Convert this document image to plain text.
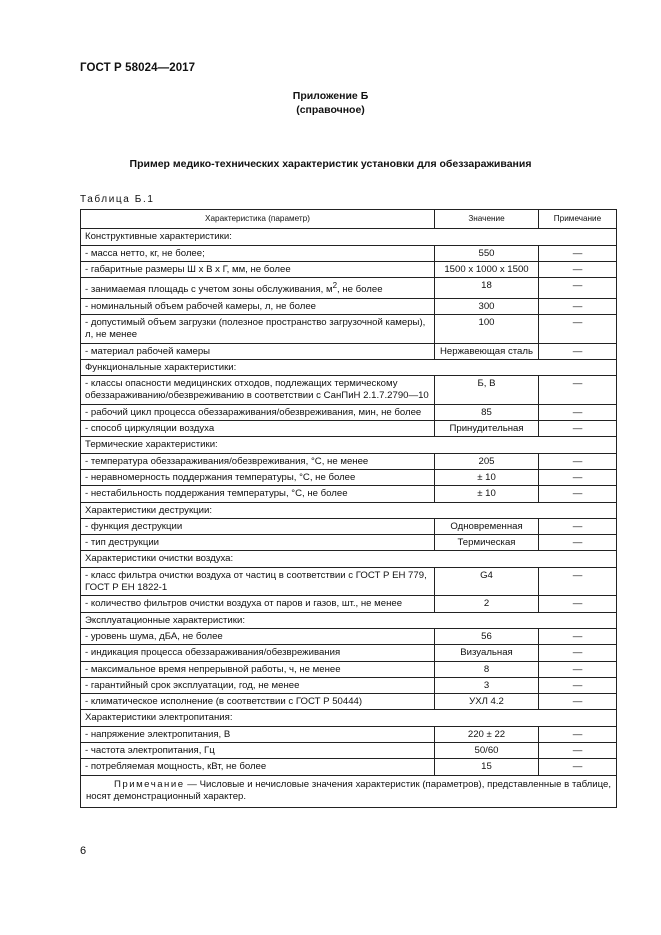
ГОСТ Р 58024—2017
Приложение Б
(справочное)
Пример медико-технических характеристик установки для обеззараживания
Таблица Б.1
Характеристика (параметр)	Значение	Примечание
Конструктивные характеристики:		
- масса нетто, кг, не более;	550	—
- габаритные размеры Ш х В х Г, мм, не более	1500 х 1000 х 1500	—
- занимаемая площадь с учетом зоны обслуживания, $м^2$, не более	18	—
- номинальный объем рабочей камеры, л, не более	300	—
- допустимый объем загрузки (полезное пространство загрузочной камеры), л, не менее	100	—
- материал рабочей камеры	Нержавеющая сталь	—
Функциональные характеристики:		
- классы опасности медицинских отходов, подлежащих термическому обеззараживанию/обезвреживанию в соответствии с СанПиН 2.1.7.2790—10	Б, В	—
- рабочий цикл процесса обеззараживания/обезвреживания, мин, не более	85	—
- способ циркуляции воздуха	Принудительная	—
Термические характеристики:		
- температура обеззараживания/обезвреживания, °С, не менее	205	—
- неравномерность поддержания температуры, °С, не более	± 10	—
- нестабильность поддержания температуры, °С, не более	± 10	—
Характеристики деструкции:		
- функция деструкции	Одновременная	—
- тип деструкции	Термическая	—
Характеристики очистки воздуха:		
- класс фильтра очистки воздуха от частиц в соответствии с ГОСТ Р ЕН 779, ГОСТ Р ЕН 1822-1	G4	—
- количество фильтров очистки воздуха от паров и газов, шт., не менее	2	—
Эксплуатационные характеристики:		
- уровень шума, дБА, не более	56	—
- индикация процесса обеззараживания/обезвреживания	Визуальная	—
- максимальное время непрерывной работы, ч, не менее	8	—
- гарантийный срок эксплуатации, год, не менее	3	—
- климатическое исполнение (в соответствии с ГОСТ Р 50444)	УХЛ 4.2	—
Характеристики электропитания:		
- напряжение электропитания, В	220 ± 22	—
- частота электропитания, Гц	50/60	—
- потребляемая мощность, кВт, не более	15	—
Примечание — Числовые и нечисловые значения характеристик (параметров), представленные в таблице, носят демонстрационный характер.		
6
